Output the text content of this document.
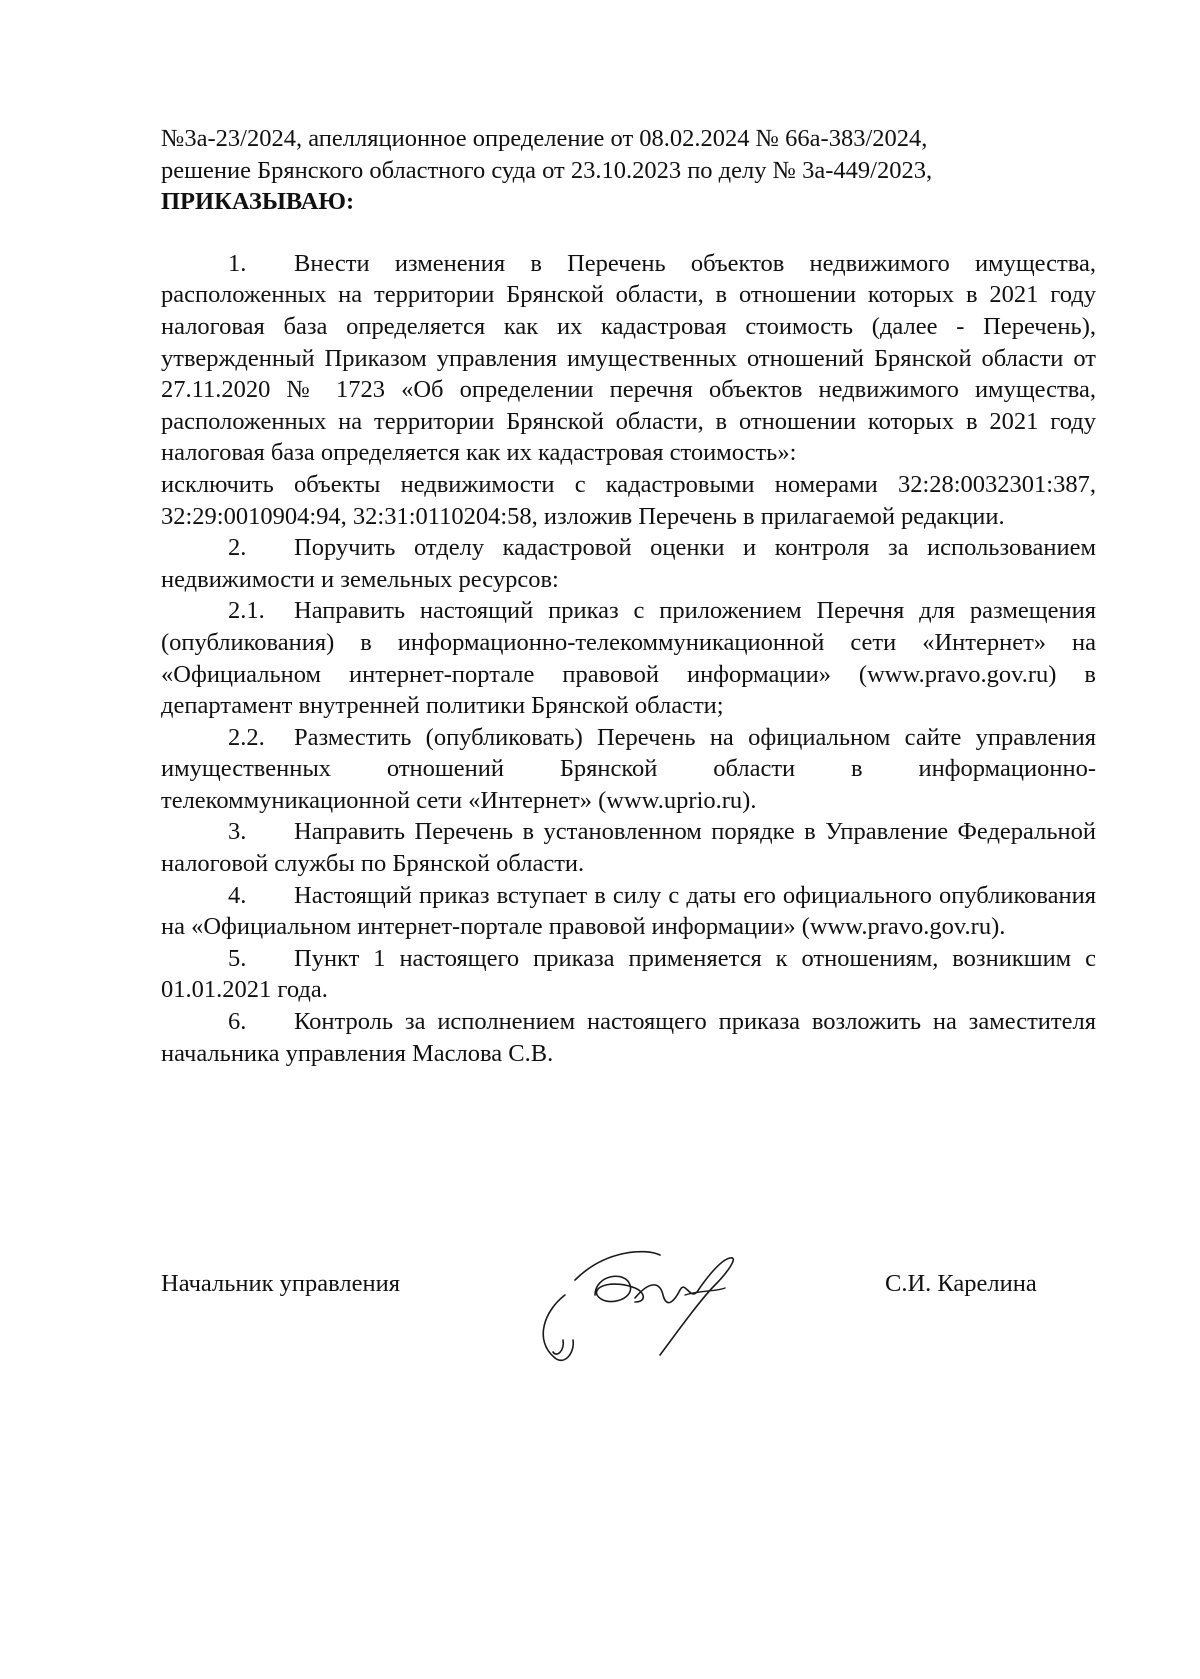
№3а-23/2024, апелляционное определение от 08.02.2024 № 66а-383/2024,
решение Брянского областного суда от 23.10.2023 по делу № 3а-449/2023,
ПРИКАЗЫВАЮ:
1. Внести изменения в Перечень объектов недвижимого имущества, расположенных на территории Брянской области, в отношении которых в 2021 году налоговая база определяется как их кадастровая стоимость (далее - Перечень), утвержденный Приказом управления имущественных отношений Брянской области от 27.11.2020 № 1723 «Об определении перечня объектов недвижимого имущества, расположенных на территории Брянской области, в отношении которых в 2021 году налоговая база определяется как их кадастровая стоимость»:
исключить объекты недвижимости с кадастровыми номерами 32:28:0032301:387, 32:29:0010904:94, 32:31:0110204:58, изложив Перечень в прилагаемой редакции.
2. Поручить отделу кадастровой оценки и контроля за использованием недвижимости и земельных ресурсов:
2.1. Направить настоящий приказ с приложением Перечня для размещения (опубликования) в информационно-телекоммуникационной сети «Интернет» на «Официальном интернет-портале правовой информации» (www.pravo.gov.ru) в департамент внутренней политики Брянской области;
2.2. Разместить (опубликовать) Перечень на официальном сайте управления имущественных отношений Брянской области в информационно-телекоммуникационной сети «Интернет» (www.uprio.ru).
3. Направить Перечень в установленном порядке в Управление Федеральной налоговой службы по Брянской области.
4. Настоящий приказ вступает в силу с даты его официального опубликования на «Официальном интернет-портале правовой информации» (www.pravo.gov.ru).
5. Пункт 1 настоящего приказа применяется к отношениям, возникшим с 01.01.2021 года.
6. Контроль за исполнением настоящего приказа возложить на заместителя начальника управления Маслова С.В.
Начальник управления	С.И. Карелина
